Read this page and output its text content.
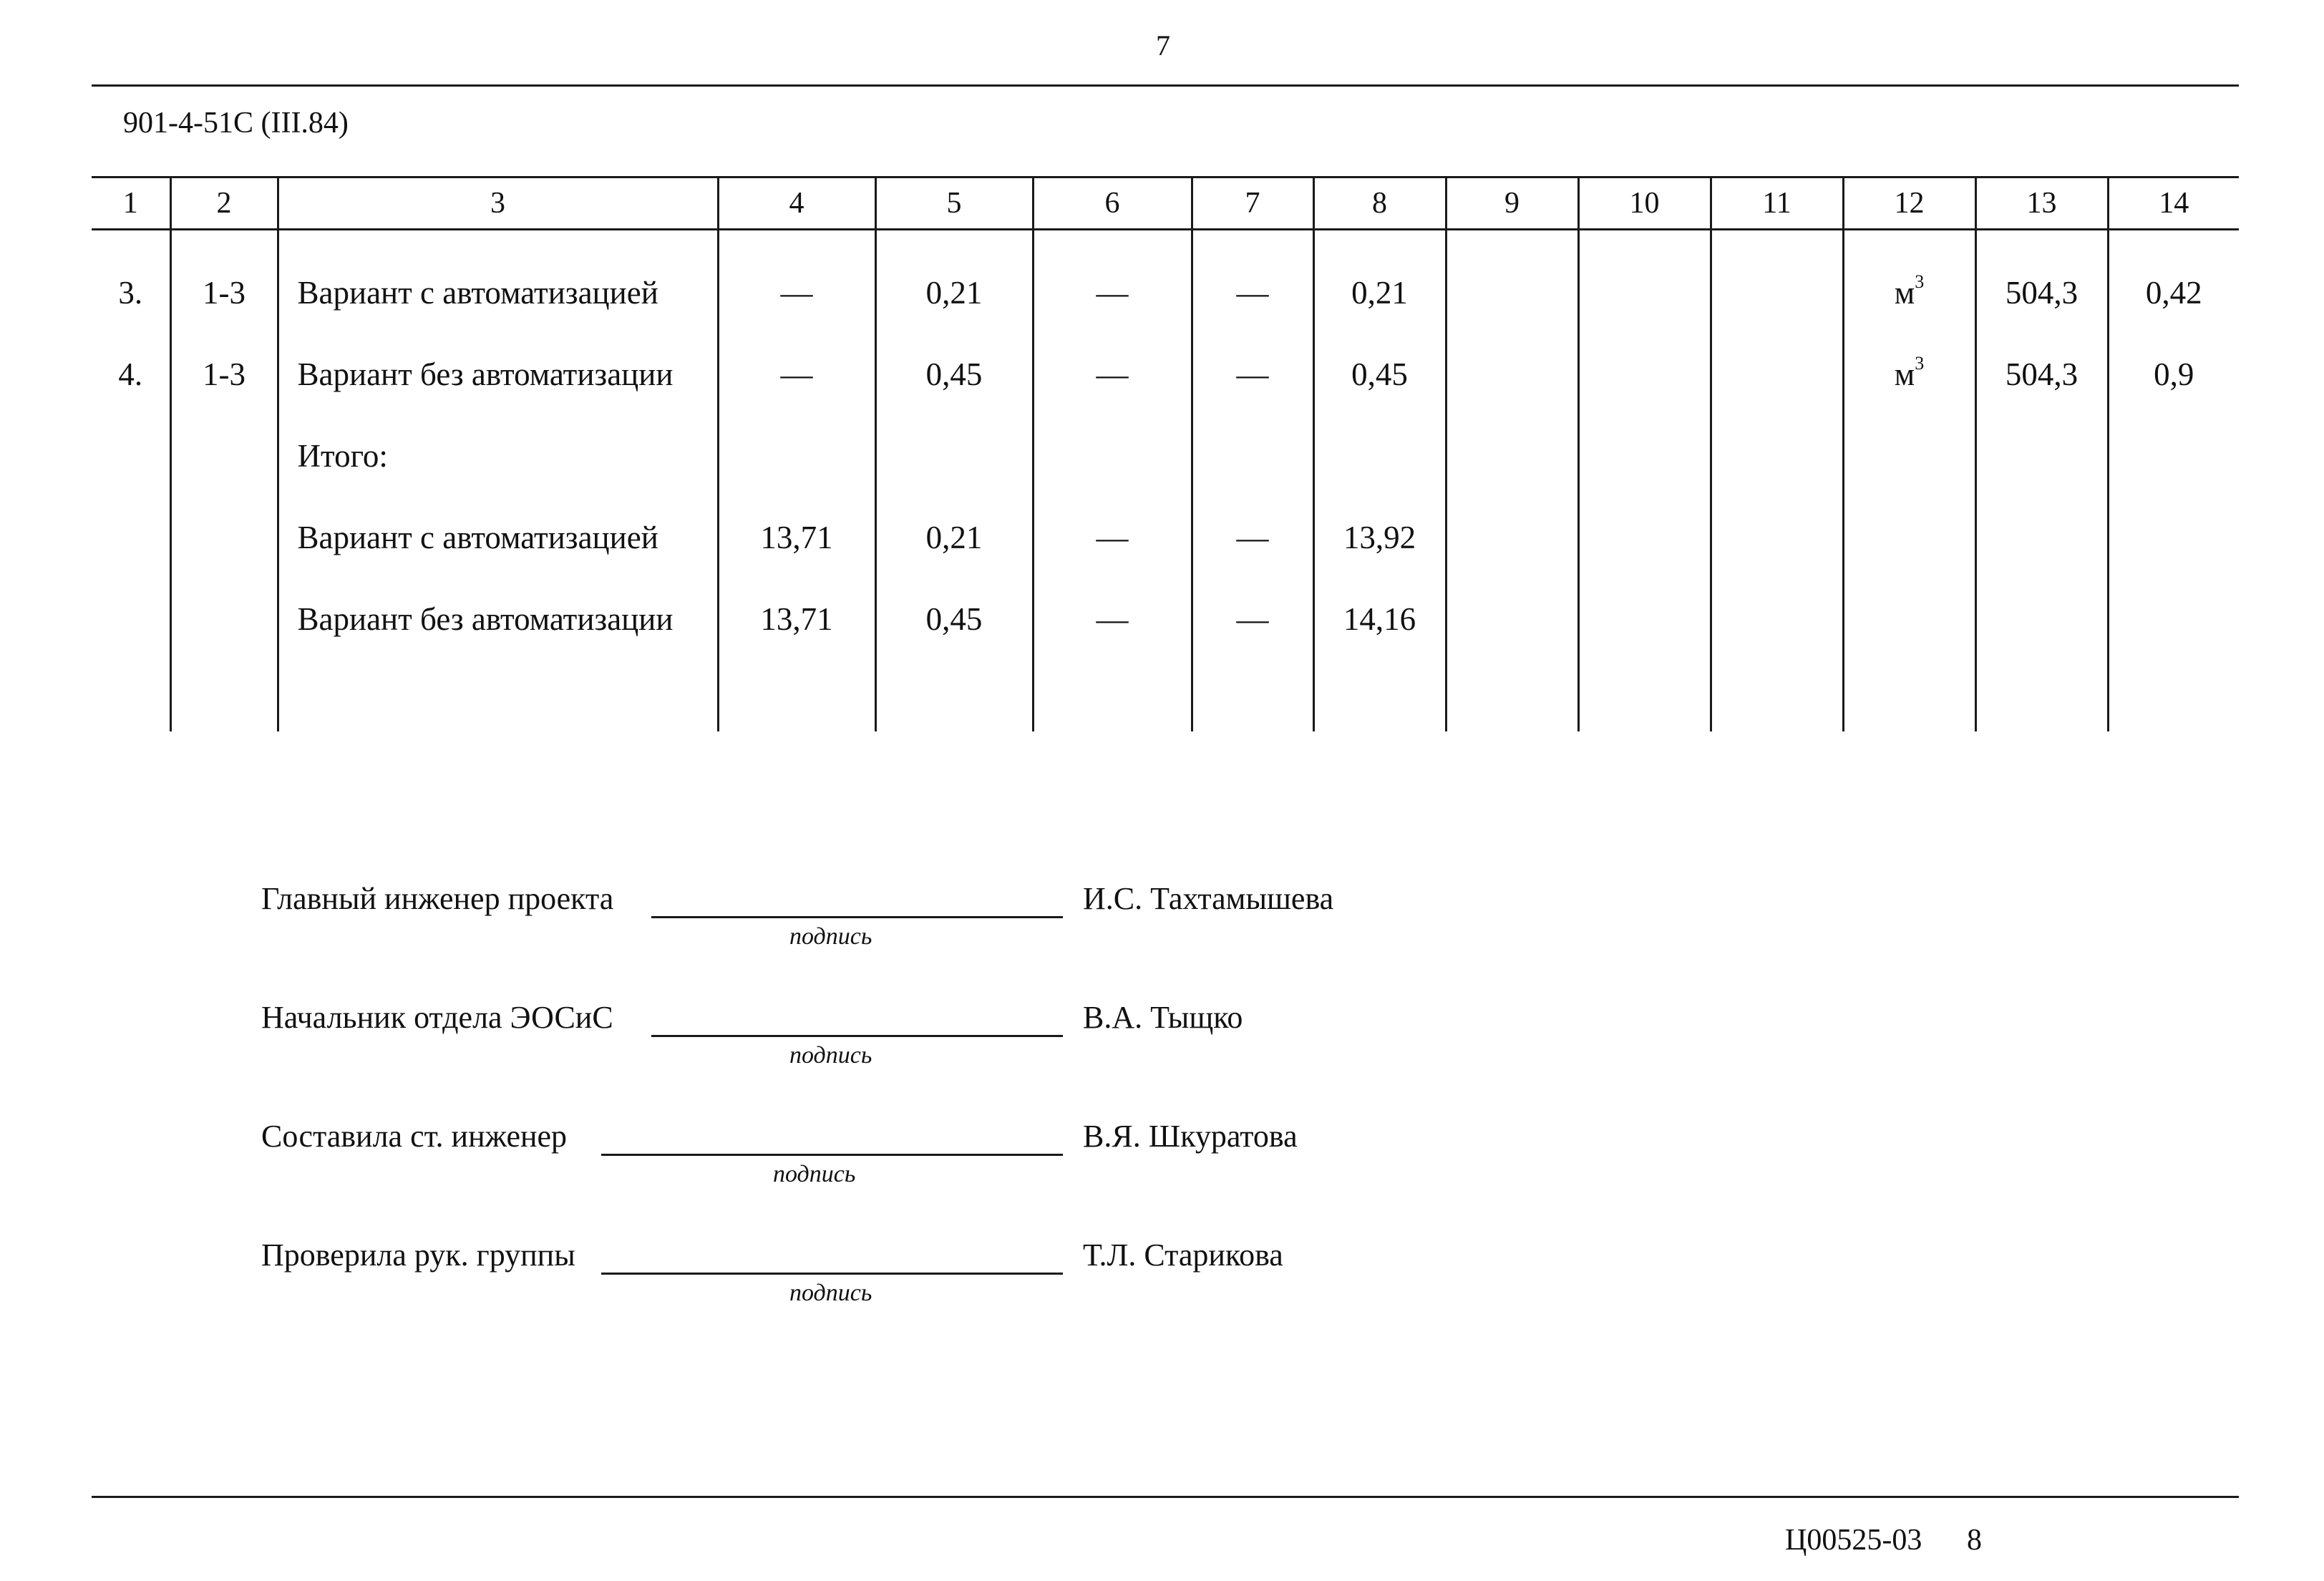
7
901-4-51С (III.84)
1	2	3	4	5	6	7	8	9	10	11	12	13	14
3.	1-3	Вариант с автоматизацией	—	0,21	—	—	0,21				$м^3$	504,3	0,42
4.	1-3	Вариант без автоматизации	—	0,45	—	—	0,45				$м^3$	504,3	0,9
		Итого:											
		Вариант с автоматизацией	13,71	0,21	—	—	13,92						
		Вариант без автоматизации	13,71	0,45	—	—	14,16						

Главный инженер проекта
подпись
И.С. Тахтамышева
Начальник отдела ЭОСиС
подпись
В.А. Тыщко
Составила ст. инженер
подпись
В.Я. Шкуратова
Проверила рук. группы
подпись
Т.Л. Старикова
Ц00525-03 8
